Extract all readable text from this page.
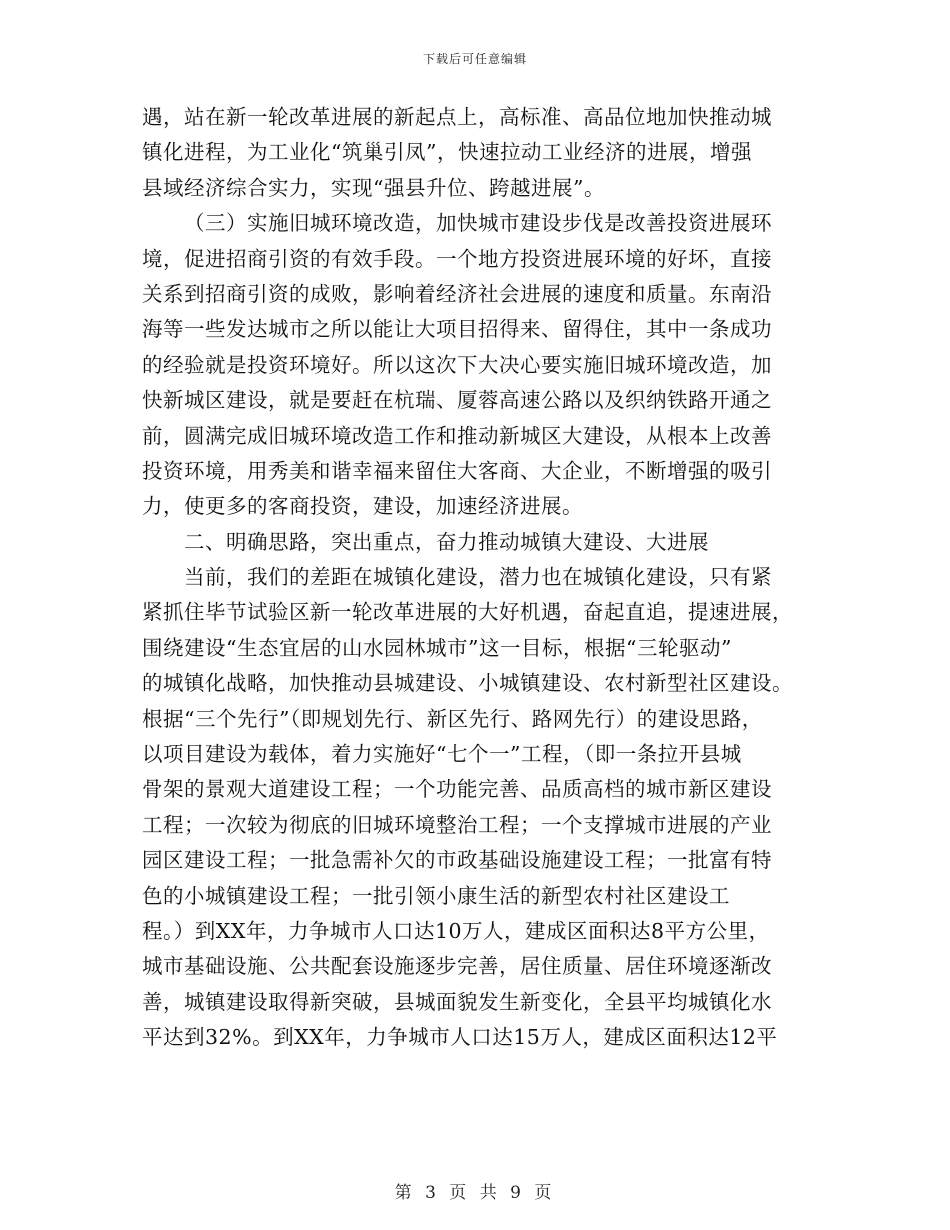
下载后可任意编辑
遇，站在新一轮改革进展的新起点上，高标准、高品位地加快推动城
镇化进程，为工业化“筑巢引凤”，快速拉动工业经济的进展，增强
县域经济综合实力，实现“强县升位、跨越进展”。
（三）实施旧城环境改造，加快城市建设步伐是改善投资进展环
境，促进招商引资的有效手段。一个地方投资进展环境的好坏，直接
关系到招商引资的成败，影响着经济社会进展的速度和质量。东南沿
海等一些发达城市之所以能让大项目招得来、留得住，其中一条成功
的经验就是投资环境好。所以这次下大决心要实施旧城环境改造，加
快新城区建设，就是要赶在杭瑞、厦蓉高速公路以及织纳铁路开通之
前，圆满完成旧城环境改造工作和推动新城区大建设，从根本上改善
投资环境，用秀美和谐幸福来留住大客商、大企业，不断增强的吸引
力，使更多的客商投资，建设，加速经济进展。
二、明确思路，突出重点，奋力推动城镇大建设、大进展
当前，我们的差距在城镇化建设，潜力也在城镇化建设，只有紧
紧抓住毕节试验区新一轮改革进展的大好机遇，奋起直追，提速进展，
围绕建设“生态宜居的山水园林城市”这一目标，根据“三轮驱动”
的城镇化战略，加快推动县城建设、小城镇建设、农村新型社区建设。
根据“三个先行”（即规划先行、新区先行、路网先行）的建设思路，
以项目建设为载体，着力实施好“七个一”工程，（即一条拉开县城
骨架的景观大道建设工程；一个功能完善、品质高档的城市新区建设
工程；一次较为彻底的旧城环境整治工程；一个支撑城市进展的产业
园区建设工程；一批急需补欠的市政基础设施建设工程；一批富有特
色的小城镇建设工程；一批引领小康生活的新型农村社区建设工
程。）到XX年，力争城市人口达10万人，建成区面积达8平方公里，
城市基础设施、公共配套设施逐步完善，居住质量、居住环境逐渐改
善，城镇建设取得新突破，县城面貌发生新变化，全县平均城镇化水
平达到32%。到XX年，力争城市人口达15万人，建成区面积达12平
第 3 页 共 9 页
